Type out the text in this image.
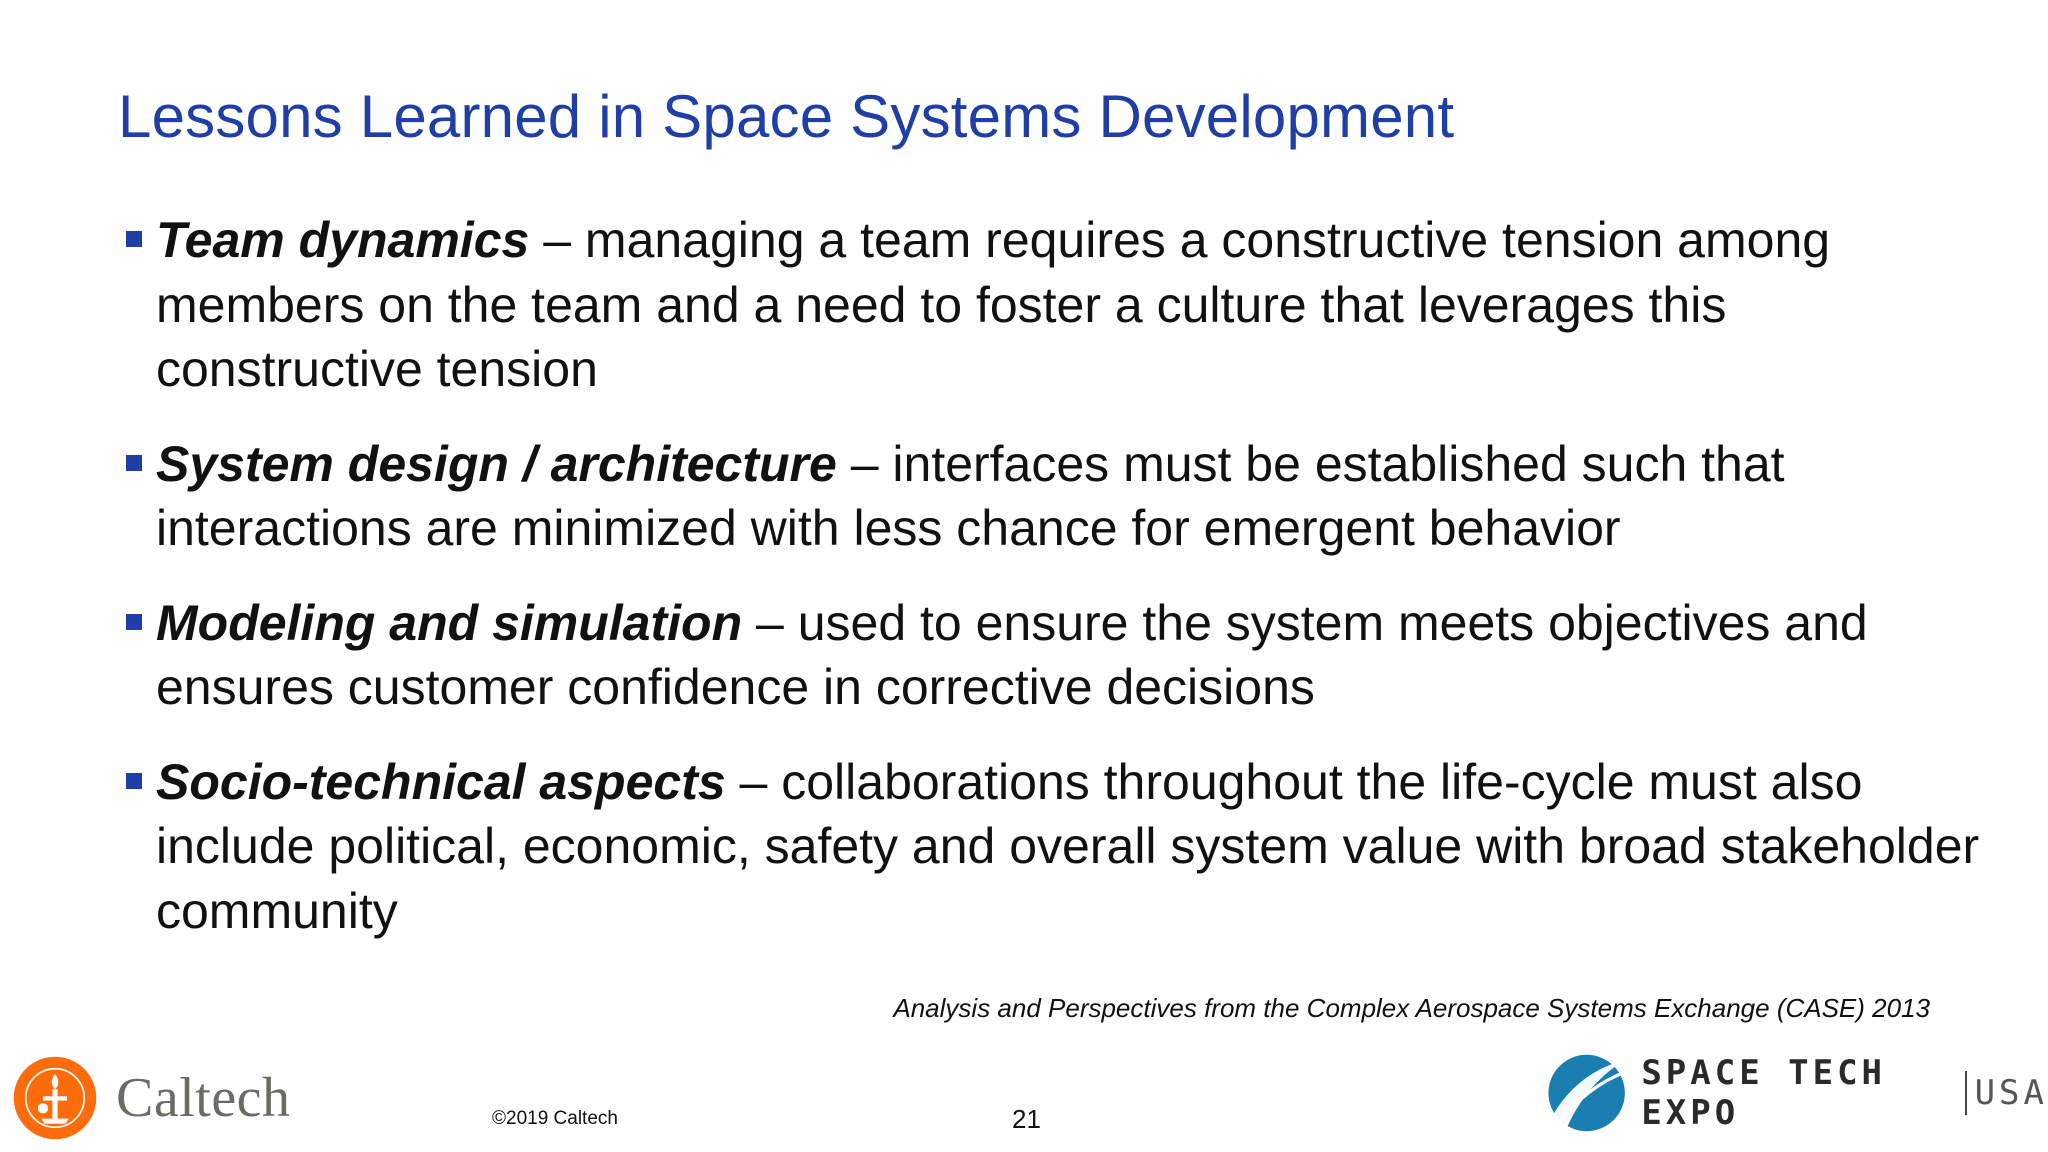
Lessons Learned in Space Systems Development
Team dynamics – managing a team requires a constructive tension among members on the team and a need to foster a culture that leverages this constructive tension
System design / architecture – interfaces must be established such that interactions are minimized with less chance for emergent behavior
Modeling and simulation – used to ensure the system meets objectives and ensures customer confidence in corrective decisions
Socio-technical aspects – collaborations throughout the life-cycle must also include political, economic, safety and overall system value with broad stakeholder community
Analysis and Perspectives from the Complex Aerospace Systems Exchange (CASE) 2013
Caltech	©2019 Caltech	21
SPACE TECH EXPO	USA
